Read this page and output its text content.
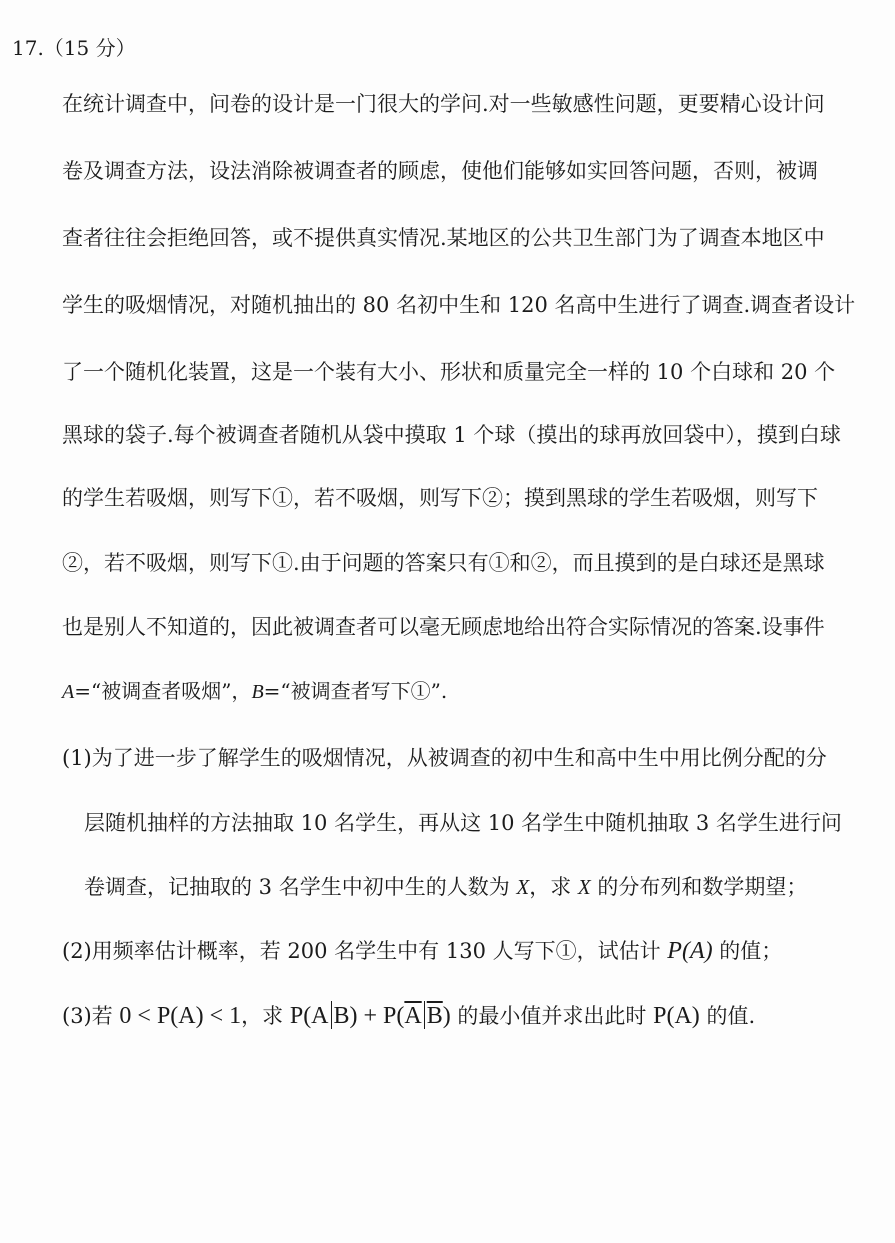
17.（15 分）
在统计调查中，问卷的设计是一门很大的学问.对一些敏感性问题，更要精心设计问
卷及调查方法，设法消除被调查者的顾虑，使他们能够如实回答问题，否则，被调
查者往往会拒绝回答，或不提供真实情况.某地区的公共卫生部门为了调查本地区中
学生的吸烟情况，对随机抽出的 80 名初中生和 120 名高中生进行了调查.调查者设计
了一个随机化装置，这是一个装有大小、形状和质量完全一样的 10 个白球和 20 个
黑球的袋子.每个被调查者随机从袋中摸取 1 个球（摸出的球再放回袋中），摸到白球
的学生若吸烟，则写下①，若不吸烟，则写下②；摸到黑球的学生若吸烟，则写下
②，若不吸烟，则写下①.由于问题的答案只有①和②，而且摸到的是白球还是黑球
也是别人不知道的，因此被调查者可以毫无顾虑地给出符合实际情况的答案.设事件
A=“被调查者吸烟”，B=“被调查者写下①”.
(1)为了进一步了解学生的吸烟情况，从被调查的初中生和高中生中用比例分配的分
层随机抽样的方法抽取 10 名学生，再从这 10 名学生中随机抽取 3 名学生进行问
卷调查，记抽取的 3 名学生中初中生的人数为 X，求 X 的分布列和数学期望；
(2)用频率估计概率，若 200 名学生中有 130 人写下①，试估计 P(A) 的值；
(3)若 0 < P(A) < 1，求 P(A $B) + P(\overline{A}$ $\overline{B}$) 的最小值并求出此时 P(A) 的值.
